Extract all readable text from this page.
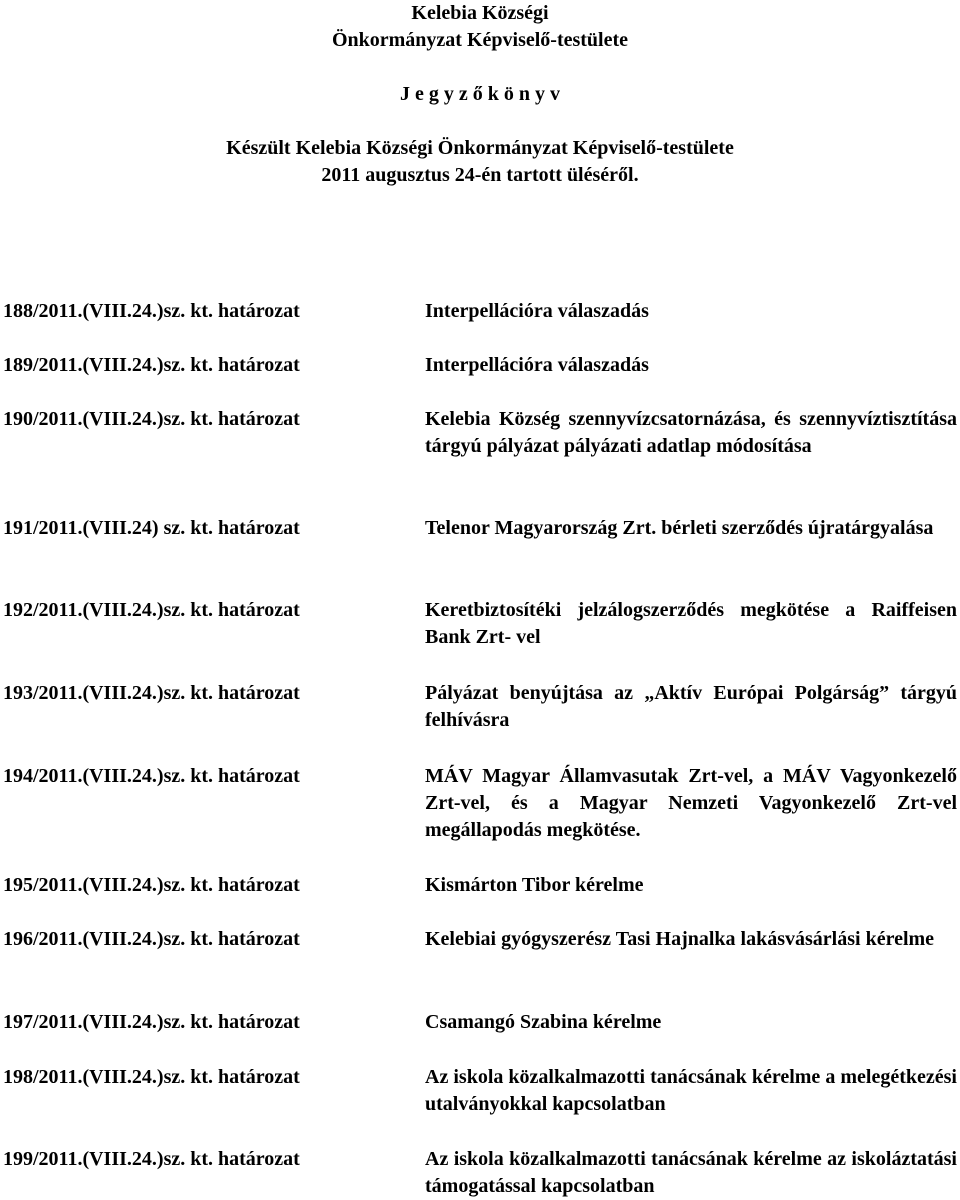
Kelebia Községi
Önkormányzat Képviselő-testülete
J e g y z ő k ö n y v
Készült Kelebia Községi Önkormányzat Képviselő-testülete
2011 augusztus 24-én tartott üléséről.
188/2011.(VIII.24.)sz. kt. határozat	Interpellációra válaszadás
189/2011.(VIII.24.)sz. kt. határozat	Interpellációra válaszadás
190/2011.(VIII.24.)sz. kt. határozat	Kelebia Község szennyvízcsatornázása, és szennyvíztisztítása tárgyú pályázat pályázati adatlap módosítása
191/2011.(VIII.24) sz. kt. határozat	Telenor Magyarország Zrt. bérleti szerződés újratárgyalása
192/2011.(VIII.24.)sz. kt. határozat	Keretbiztosítéki jelzálogszerződés megkötése a Raiffeisen Bank Zrt- vel
193/2011.(VIII.24.)sz. kt. határozat	Pályázat benyújtása az „Aktív Európai Polgárság” tárgyú felhívásra
194/2011.(VIII.24.)sz. kt. határozat	MÁV Magyar Államvasutak Zrt-vel, a MÁV Vagyonkezelő Zrt-vel, és a Magyar Nemzeti Vagyonkezelő Zrt-vel megállapodás megkötése.
195/2011.(VIII.24.)sz. kt. határozat	Kismárton Tibor kérelme
196/2011.(VIII.24.)sz. kt. határozat	Kelebiai gyógyszerész Tasi Hajnalka lakásvásárlási kérelme
197/2011.(VIII.24.)sz. kt. határozat	Csamangó Szabina kérelme
198/2011.(VIII.24.)sz. kt. határozat	Az iskola közalkalmazotti tanácsának kérelme a melegétkezési utalványokkal kapcsolatban
199/2011.(VIII.24.)sz. kt. határozat	Az iskola közalkalmazotti tanácsának kérelme az iskoláztatási támogatással kapcsolatban
